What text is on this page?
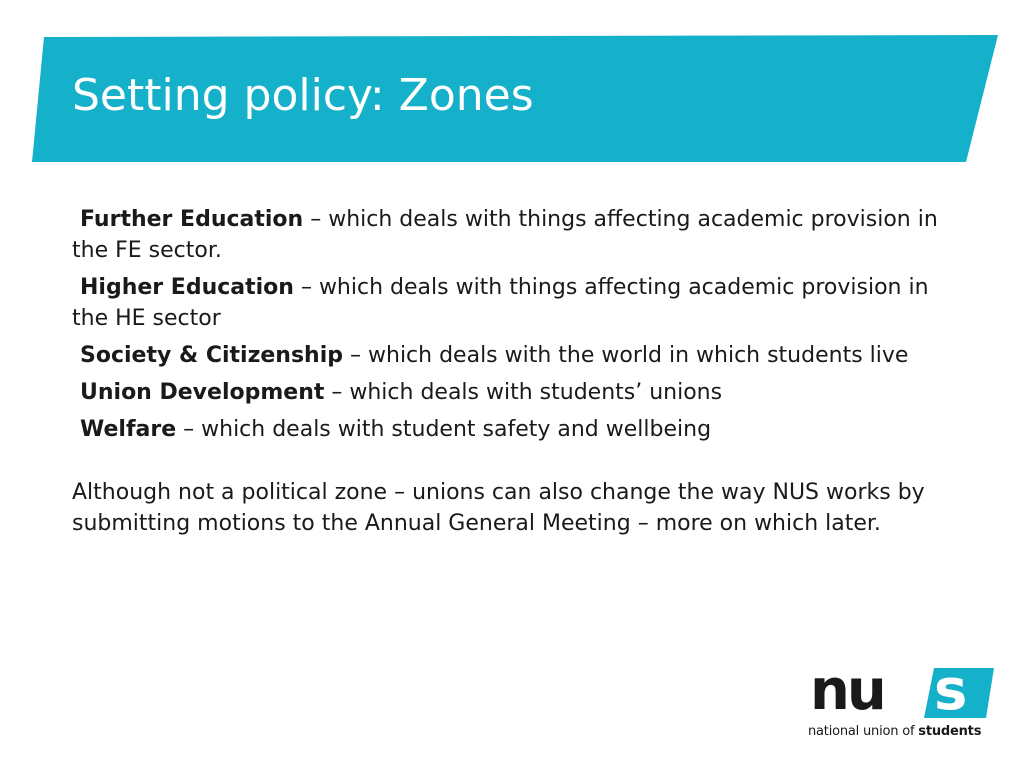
Setting policy: Zones

Further Education – which deals with things affecting academic provision in the FE sector.

Higher Education – which deals with things affecting academic provision in the HE sector

Society & Citizenship – which deals with the world in which students live

Union Development – which deals with students’ unions

Welfare – which deals with student safety and wellbeing

Although not a political zone – unions can also change the way NUS works by submitting motions to the Annual General Meeting – more on which later.

nu s
national union of students
